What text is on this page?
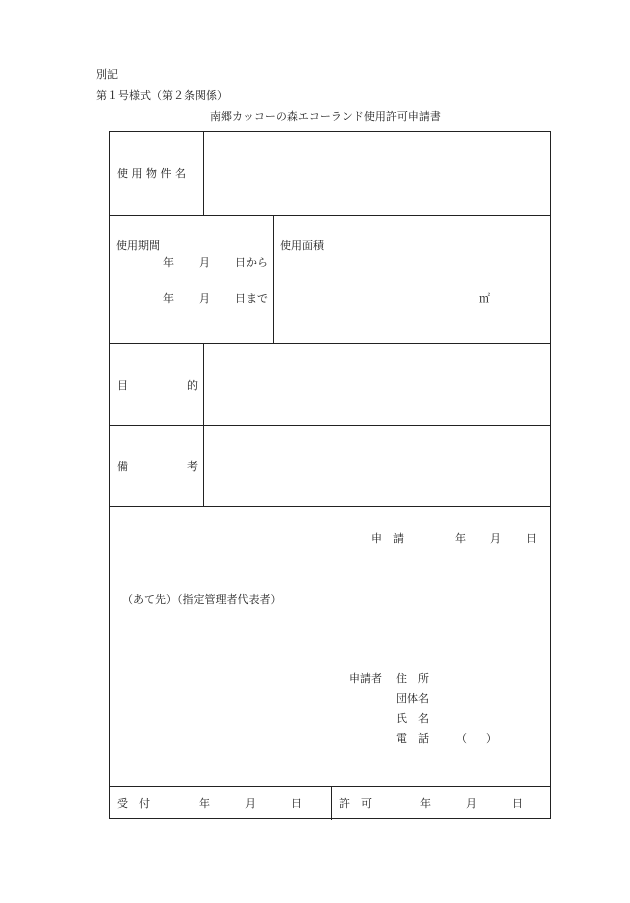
別記
第１号様式（第２条関係）
南郷カッコーの森エコーランド使用許可申請書
使 用 物 件 名
使用期間
年 月 日から
年 月 日まで
使用面積
㎡
目	的
備	考
申　請	年 月 日
（あて先）（指定管理者代表者）
申請者 住　所
団体名
氏　名
電　話 （ ）
受　付	年	月	日	許　可	年	月	日
